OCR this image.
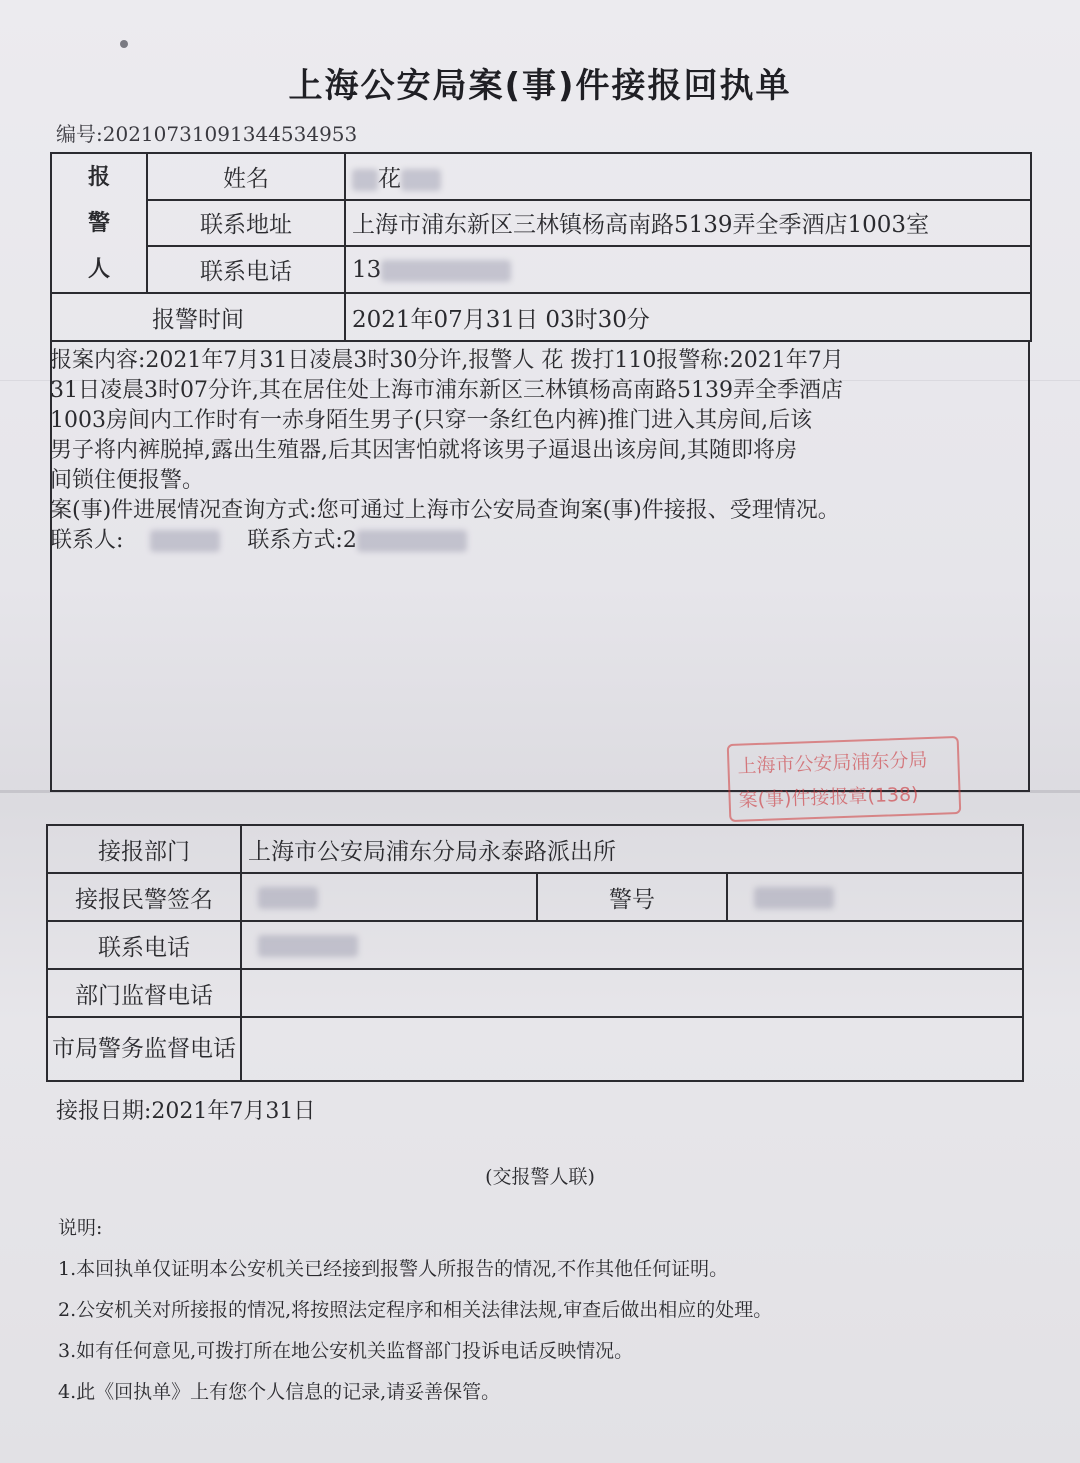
上海公安局案(事)件接报回执单
编号:20210731091344534953
报
警
人	姓名	花
	联系地址	上海市浦东新区三林镇杨高南路5139弄全季酒店1003室
	联系电话	13
报警时间		2021年07月31日 03时30分

报案内容:2021年7月31日凌晨3时30分许,报警人 花 拨打110报警称:2021年7月

31日凌晨3时07分许,其在居住处上海市浦东新区三林镇杨高南路5139弄全季酒店

1003房间内工作时有一赤身陌生男子(只穿一条红色内裤)推门进入其房间,后该

男子将内裤脱掉,露出生殖器,后其因害怕就将该男子逼退出该房间,其随即将房

间锁住便报警。

案(事)件进展情况查询方式:您可通过上海市公安局查询案(事)件接报、受理情况。

联系人:	联系方式:2

上海市公安局浦东分局
案(事)件接报章(138)
接报部门	上海市公安局浦东分局永泰路派出所		
接报民警签名		警号	
联系电话			
部门监督电话			
市局警务监督电话			
接报日期:2021年7月31日
(交报警人联)

说明:

1.本回执单仅证明本公安机关已经接到报警人所报告的情况,不作其他任何证明。

2.公安机关对所接报的情况,将按照法定程序和相关法律法规,审查后做出相应的处理。

3.如有任何意见,可拨打所在地公安机关监督部门投诉电话反映情况。

4.此《回执单》上有您个人信息的记录,请妥善保管。
